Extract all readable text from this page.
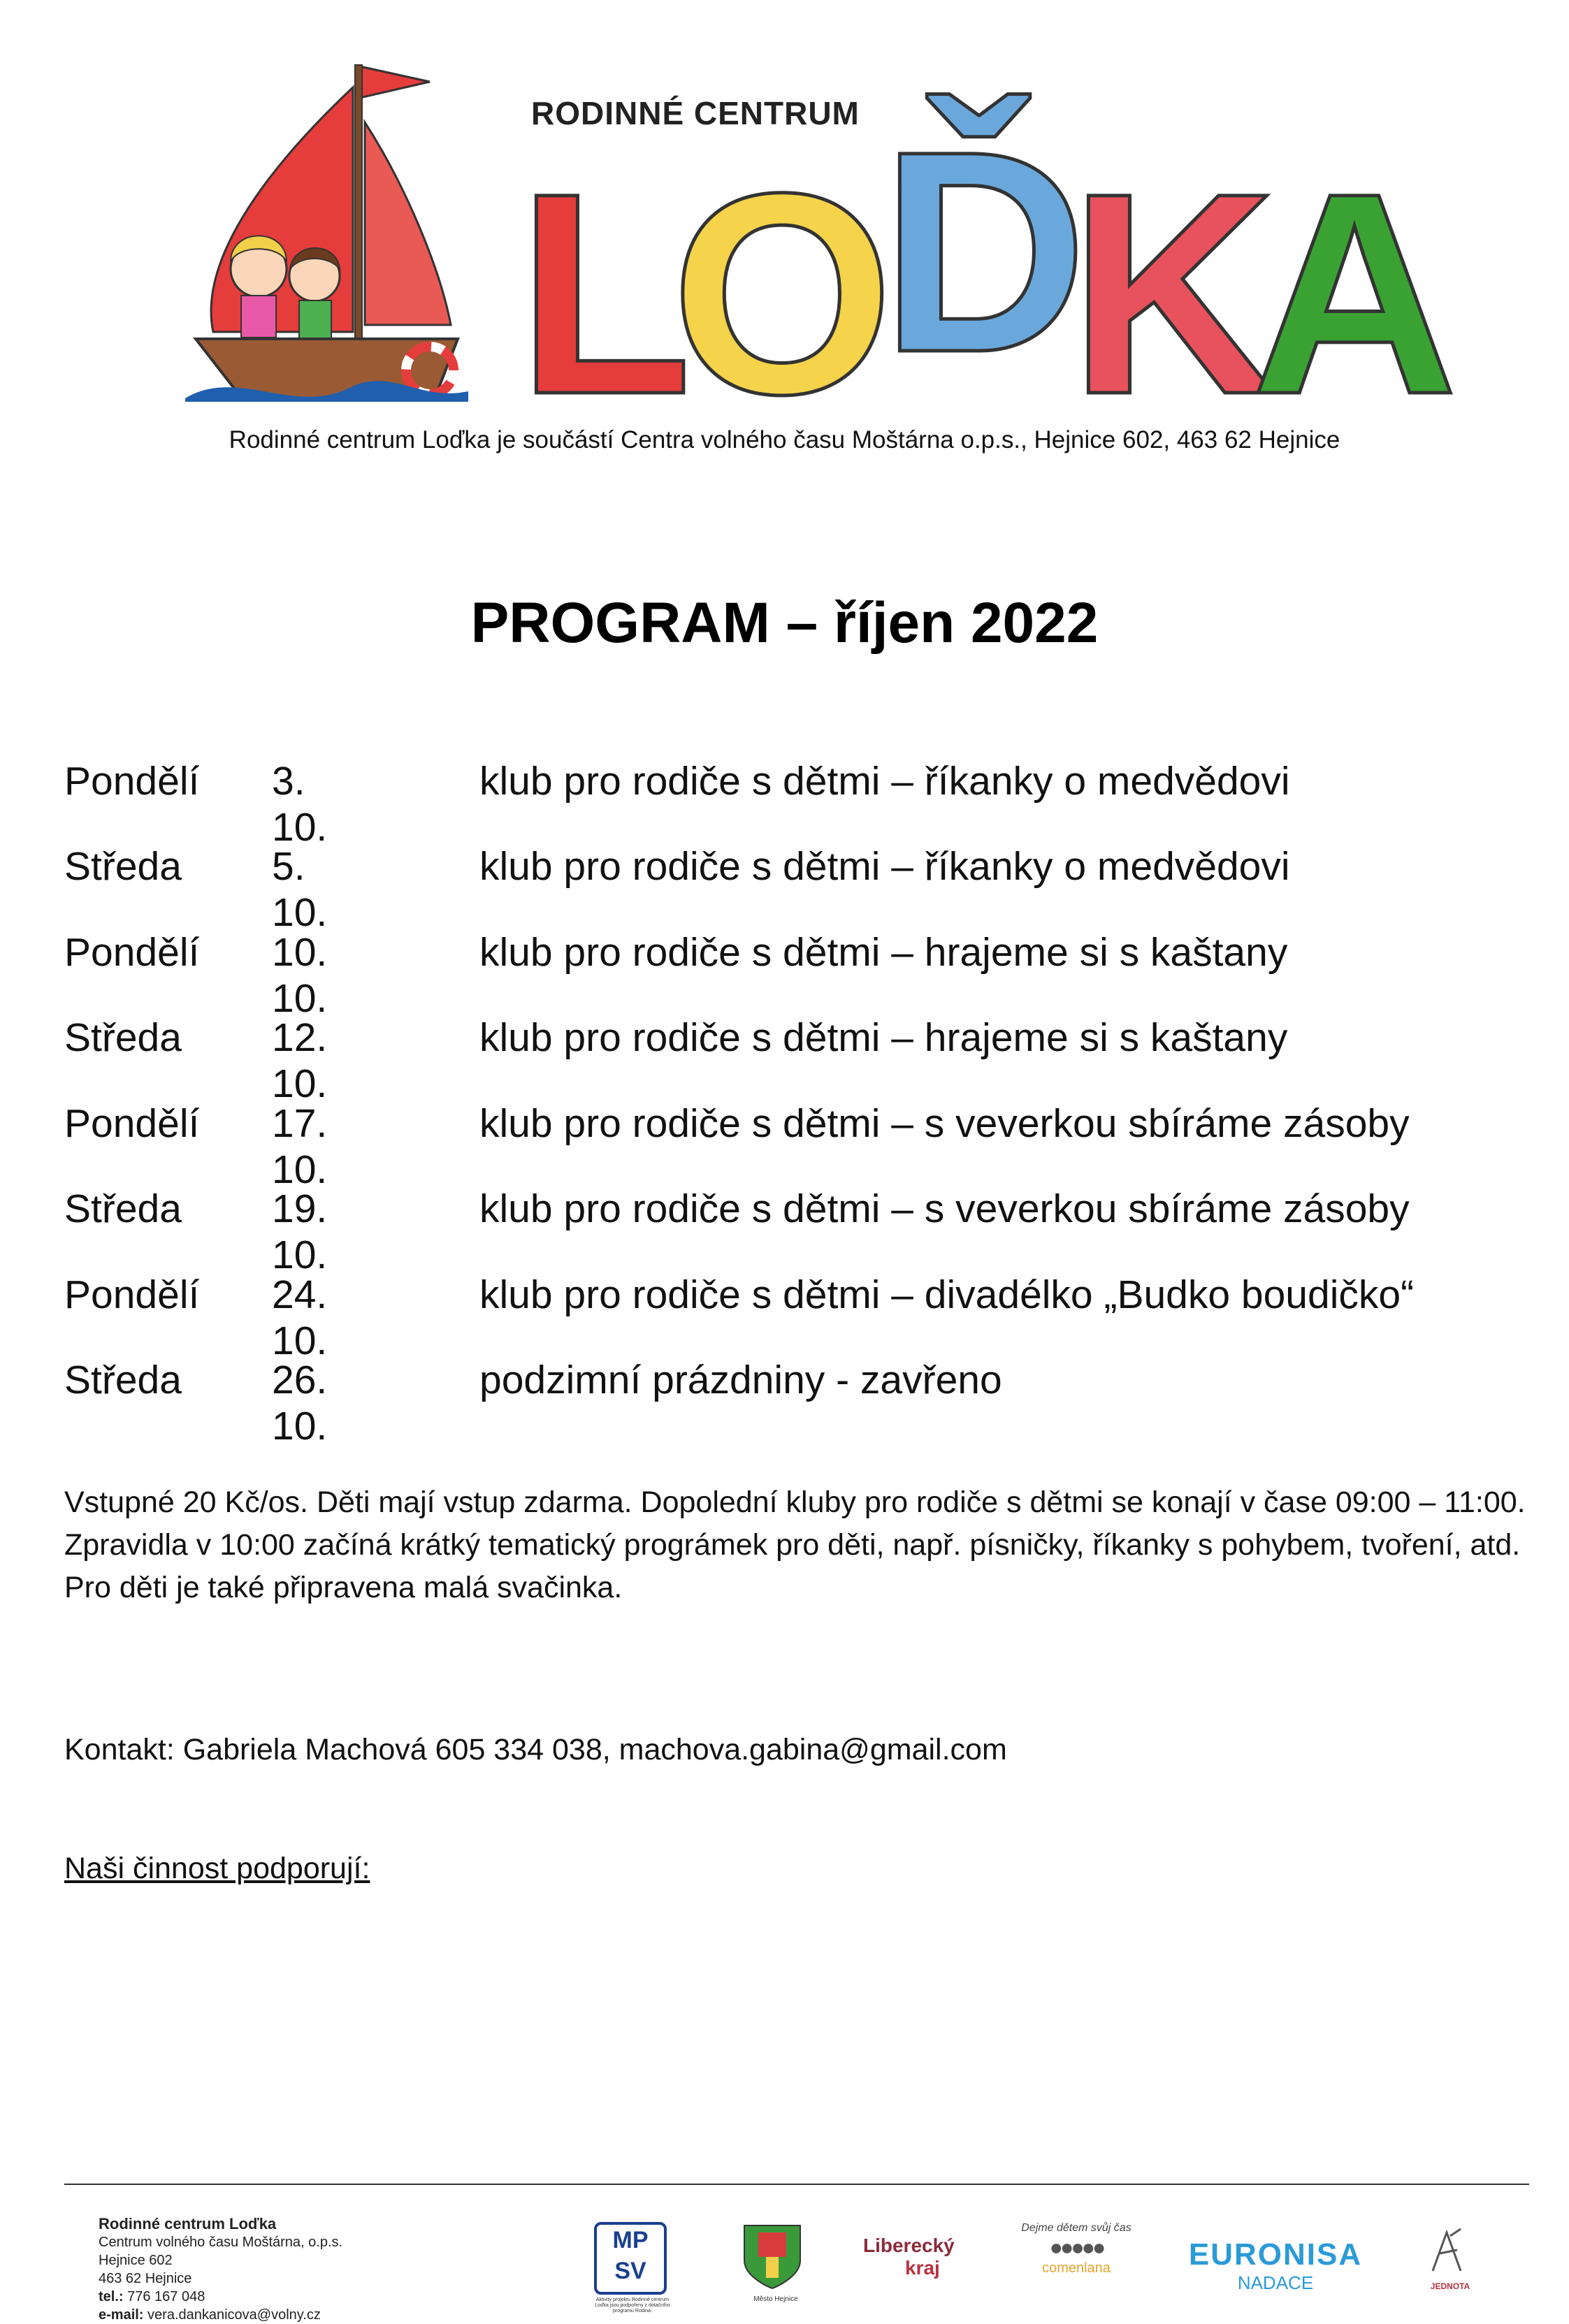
RODINNÉ CENTRUM
L
O
Ď
K
A
Rodinné centrum Loďka je součástí Centra volného času Moštárna o.p.s., Hejnice 602, 463 62 Hejnice
PROGRAM – říjen 2022
Pondělí 3. 10.
klub pro rodiče s dětmi – říkanky o medvědovi
Středa 5. 10.
klub pro rodiče s dětmi – říkanky o medvědovi
Pondělí 10. 10.
klub pro rodiče s dětmi – hrajeme si s kaštany
Středa 12. 10.
klub pro rodiče s dětmi – hrajeme si s kaštany
Pondělí 17. 10.
klub pro rodiče s dětmi – s veverkou sbíráme zásoby
Středa 19. 10.
klub pro rodiče s dětmi – s veverkou sbíráme zásoby
Pondělí 24. 10.
klub pro rodiče s dětmi – divadélko „Budko boudičko“
Středa 26. 10.
podzimní prázdniny - zavřeno
Vstupné 20 Kč/os. Děti mají vstup zdarma. Dopolední kluby pro rodiče s dětmi se konají v čase 09:00 – 11:00. Zpravidla v 10:00 začíná krátký tematický prográmek pro děti, např. písničky, říkanky s pohybem, tvoření, atd. Pro děti je také připravena malá svačinka.
Kontakt: Gabriela Machová 605 334 038, machova.gabina@gmail.com
Naši činnost podporují:
Rodinné centrum Loďka
Centrum volného času Moštárna, o.p.s.
Hejnice 602
463 62 Hejnice
tel.: 776 167 048
e-mail: vera.dankanicova@volny.cz
MP
SV
Aktivity projektu Rodinné centrum Loďka jsou podpořeny z dotačního programu Rodina.
Město Hejnice
Liberecký
kraj
Dejme dětem svůj čas
●●●●●
comenlana	EURONISA
NADACE	JEDNOTA
